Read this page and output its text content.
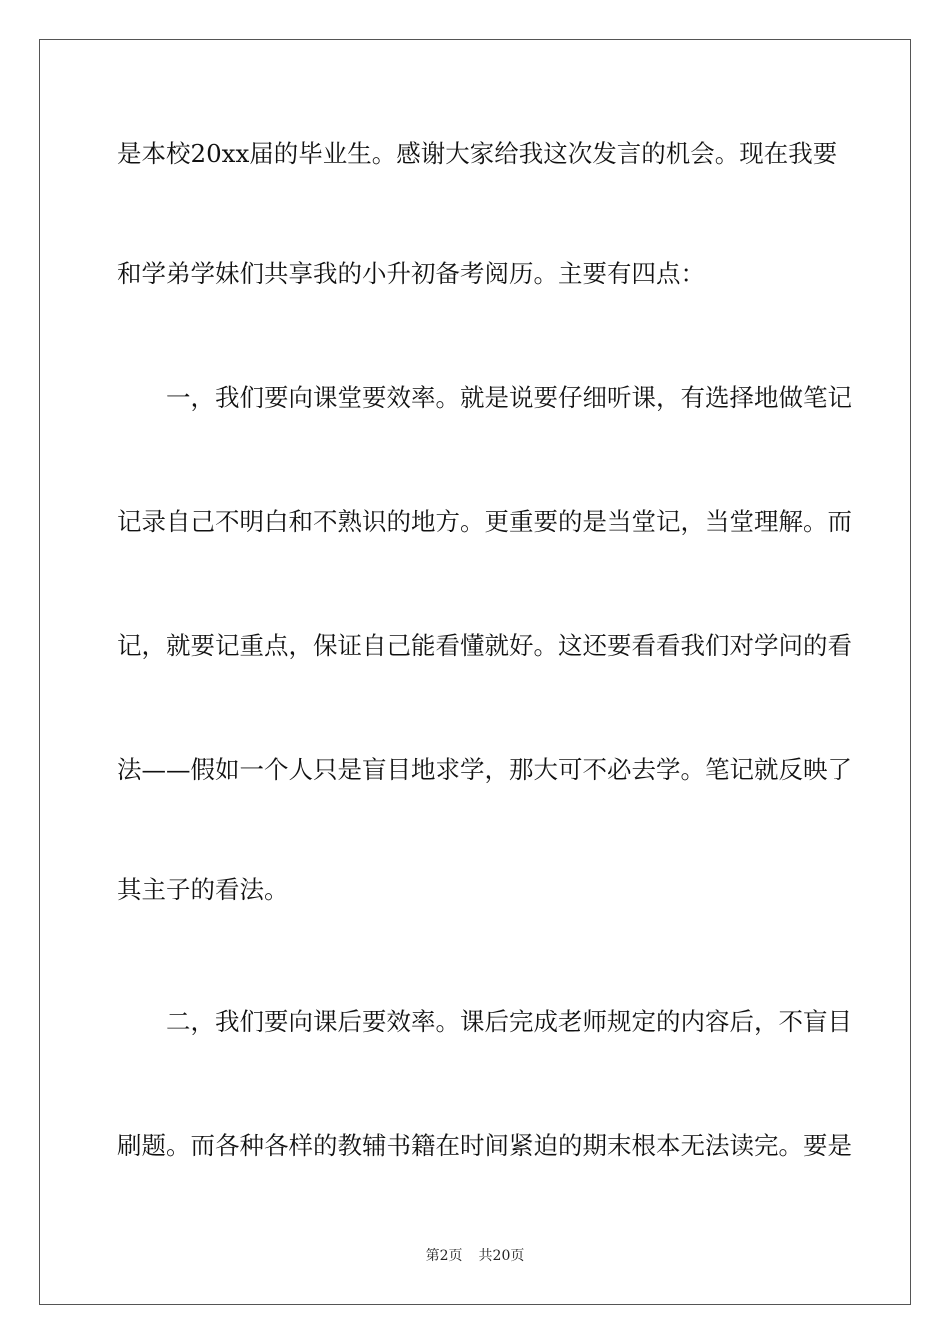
是本校20xx届的毕业生。感谢大家给我这次发言的机会。现在我要
和学弟学妹们共享我的小升初备考阅历。主要有四点：
一，我们要向课堂要效率。就是说要仔细听课，有选择地做笔记
记录自己不明白和不熟识的地方。更重要的是当堂记，当堂理解。而
记，就要记重点，保证自己能看懂就好。这还要看看我们对学问的看
法——假如一个人只是盲目地求学，那大可不必去学。笔记就反映了
其主子的看法。
二，我们要向课后要效率。课后完成老师规定的内容后，不盲目
刷题。而各种各样的教辅书籍在时间紧迫的期末根本无法读完。要是
第2页 共20页
